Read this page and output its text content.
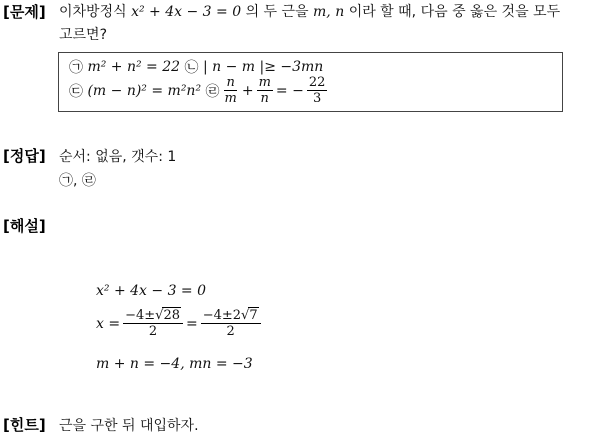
[문제] 이차방정식 x² + 4x − 3 = 0 의 두 근을 m, n 이라 할 때, 다음 중 옳은 것을 모두
고르면?
㉠
m² + n² = 22
㉡
| n − m |≥ −3mn
㉢
(m − n)² = m²n²
㉣ $\frac{n}{m} + \frac{m}{n}$ = − $\frac{22}{3}$
[정답] 순서: 없음, 갯수: 1
㉠, ㉣
[해설]
x² + 4x − 3 = 0
$x = \frac{-4\pm√28}{2} = \frac{-4\pm 2√7}{2}$
m + n = −4, mn = −3
[힌트] 근을 구한 뒤 대입하자.
